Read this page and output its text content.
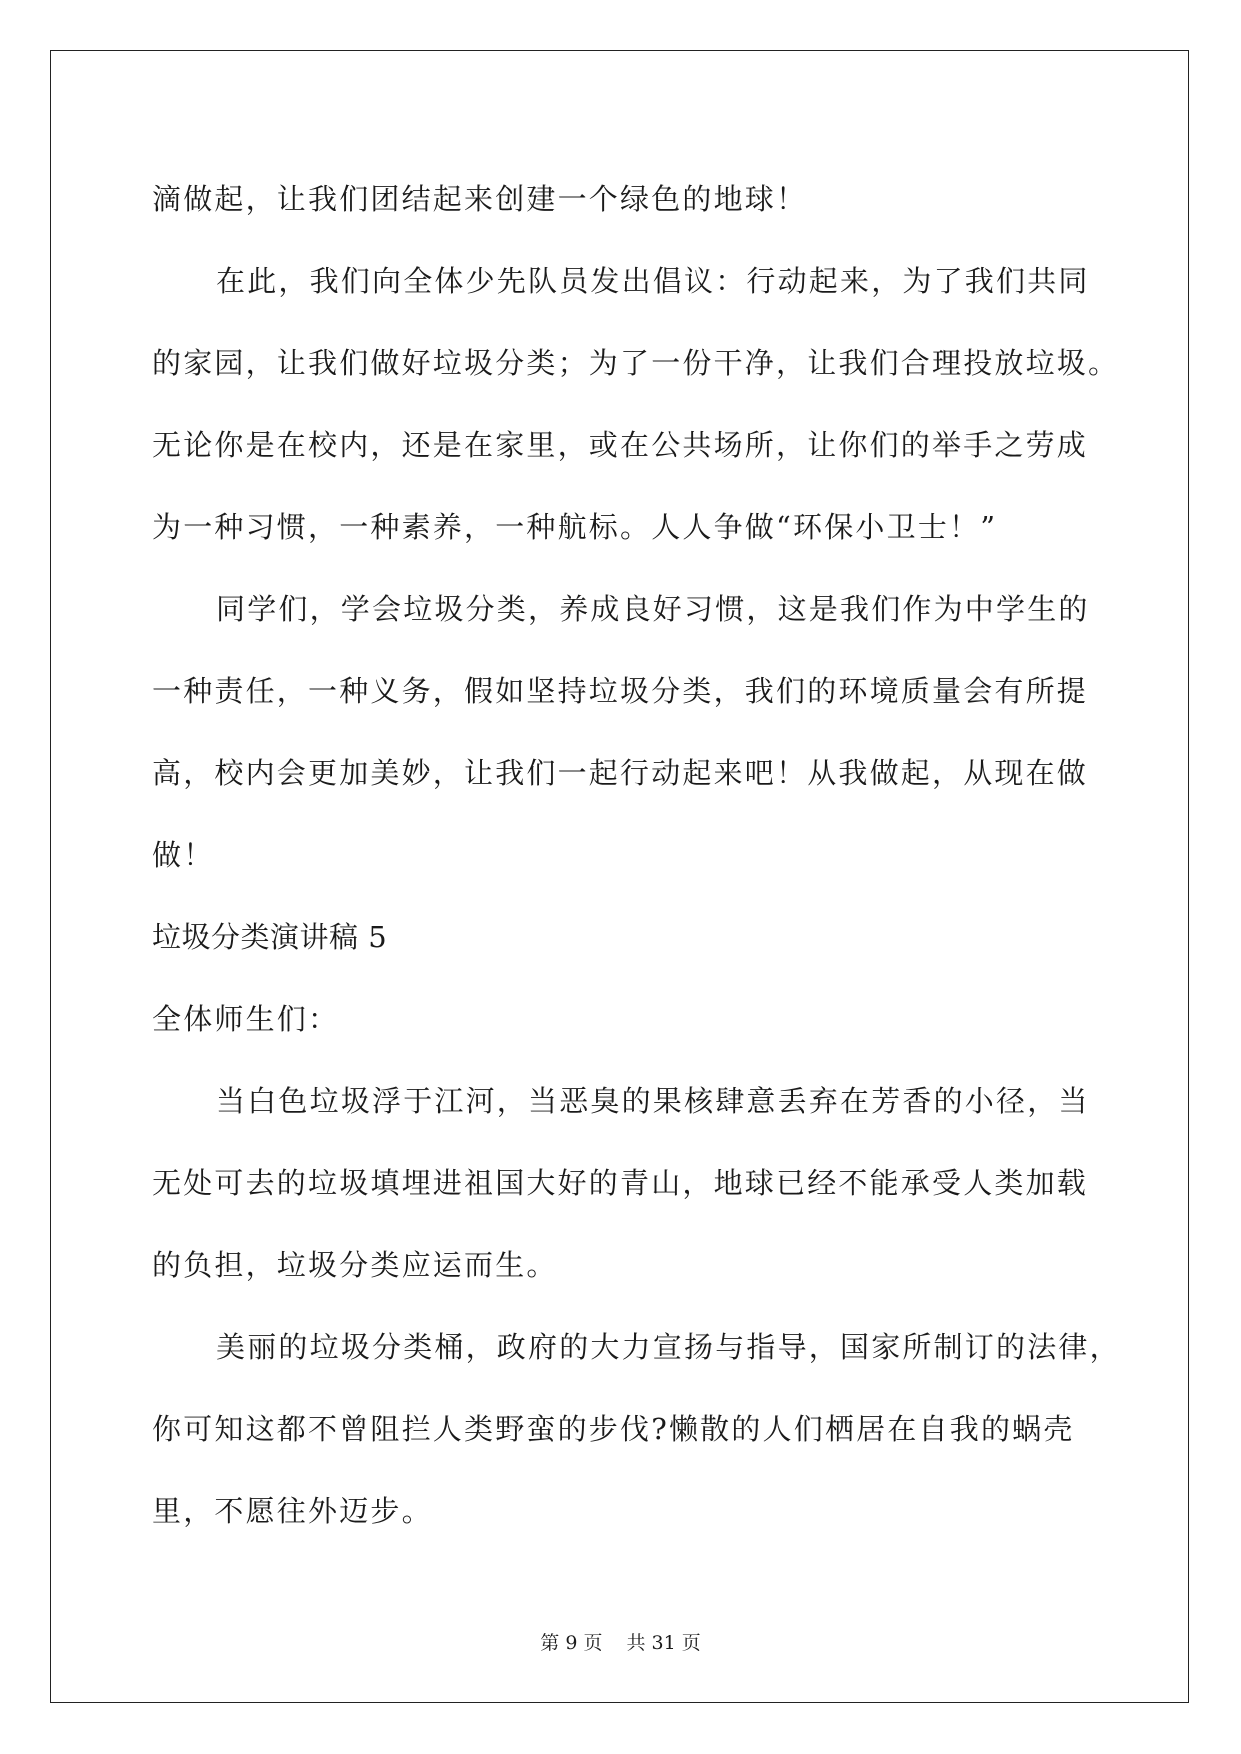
滴做起，让我们团结起来创建一个绿色的地球！
在此，我们向全体少先队员发出倡议：行动起来，为了我们共同
的家园，让我们做好垃圾分类；为了一份干净，让我们合理投放垃圾。
无论你是在校内，还是在家里，或在公共场所，让你们的举手之劳成
为一种习惯，一种素养，一种航标。人人争做“环保小卫士！”
同学们，学会垃圾分类，养成良好习惯，这是我们作为中学生的
一种责任，一种义务，假如坚持垃圾分类，我们的环境质量会有所提
高，校内会更加美妙，让我们一起行动起来吧！从我做起，从现在做
做！
垃圾分类演讲稿 5
全体师生们：
当白色垃圾浮于江河，当恶臭的果核肆意丢弃在芳香的小径，当
无处可去的垃圾填埋进祖国大好的青山，地球已经不能承受人类加载
的负担，垃圾分类应运而生。
美丽的垃圾分类桶，政府的大力宣扬与指导，国家所制订的法律，
你可知这都不曾阻拦人类野蛮的步伐?懒散的人们栖居在自我的蜗壳
里，不愿往外迈步。
第 9 页 共 31 页
